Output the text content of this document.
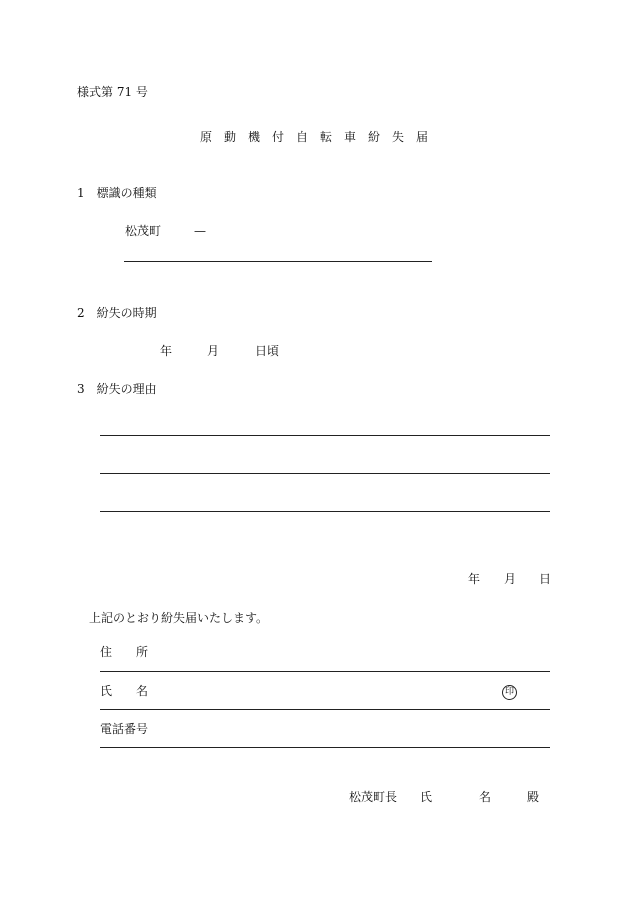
様式第 71 号
原 動 機 付 自 転 車 紛 失 届
1　標識の種類
松茂町	—
2　紛失の時期
年	月	日頃
3　紛失の理由
年 月 日
上記のとおり紛失届いたします。
住　　所
氏　　名	印
電話番号
松茂町長 氏	名	殿
